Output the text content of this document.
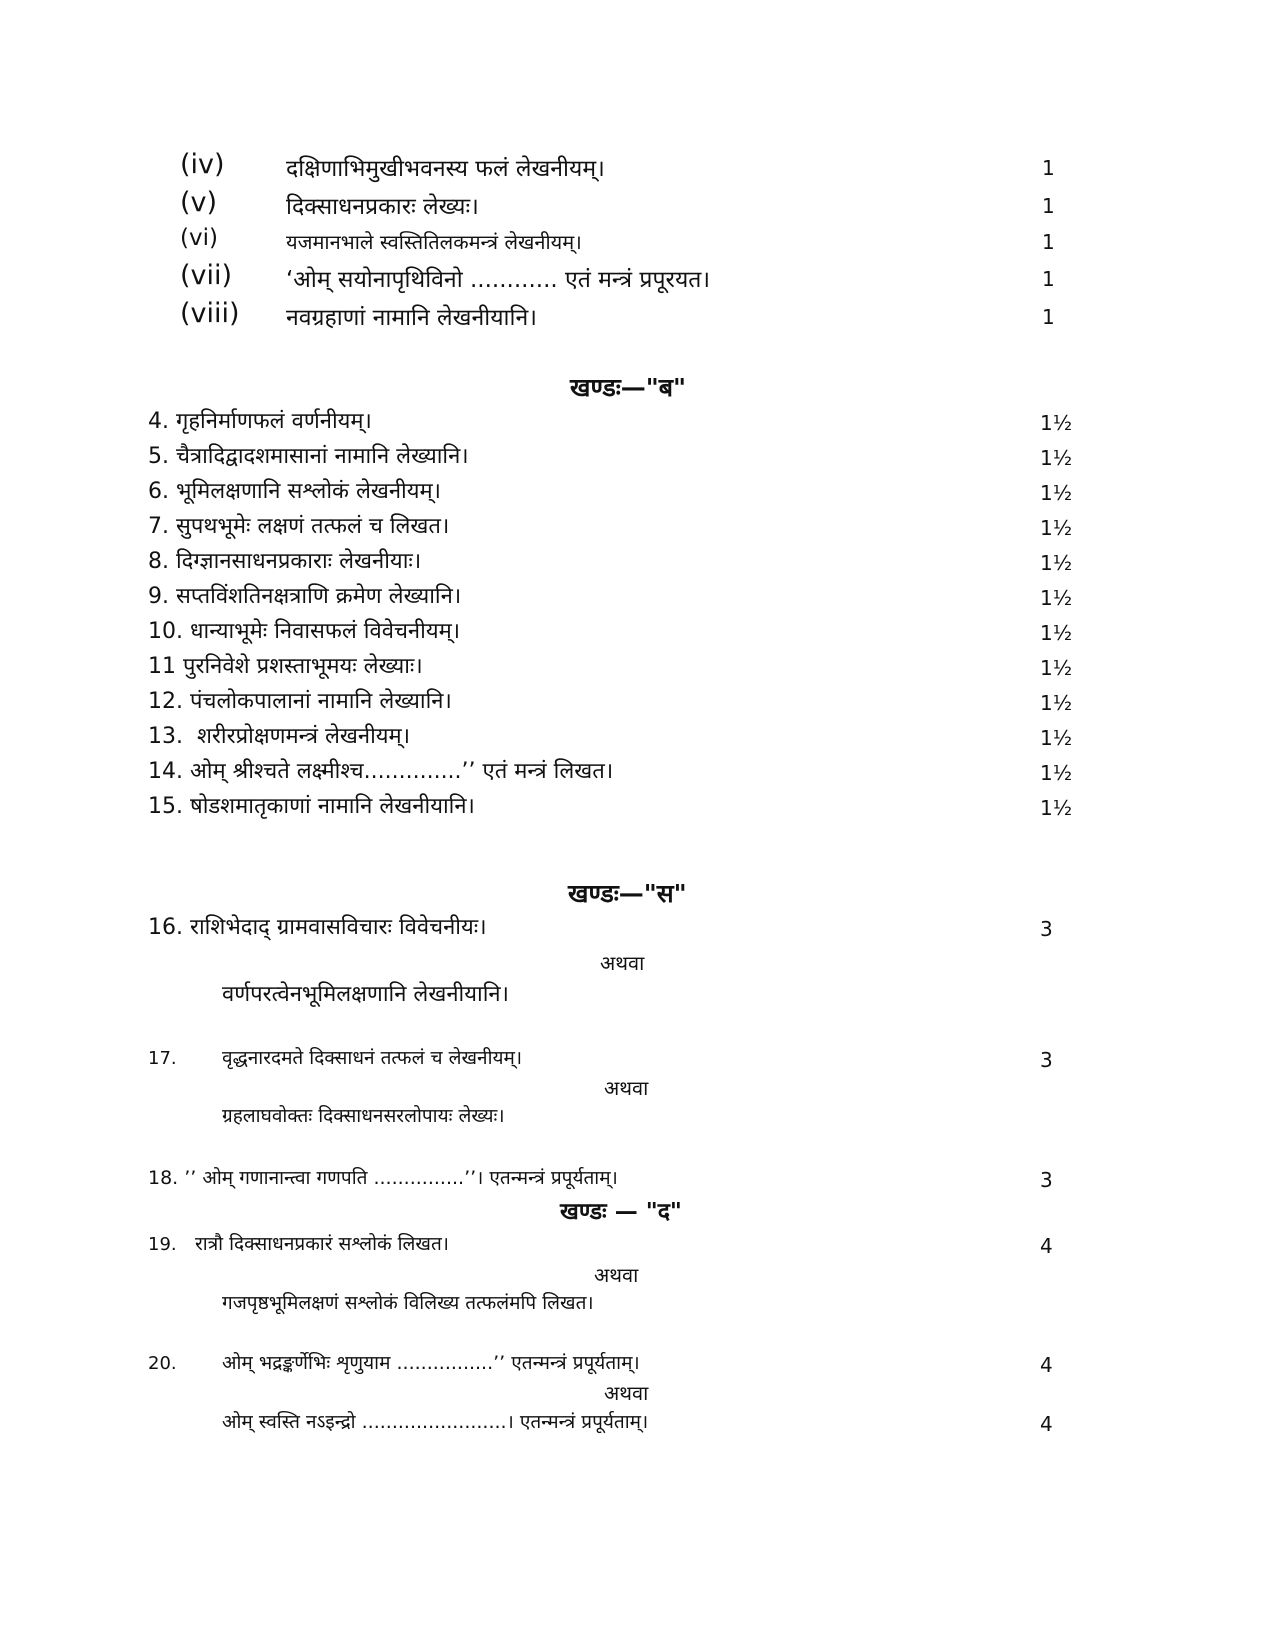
(iv)	दक्षिणाभिमुखीभवनस्य फलं लेखनीयम्।	1
(v)	दिक्साधनप्रकारः लेख्यः।	1
(vi)	यजमानभाले स्वस्तितिलकमन्त्रं लेखनीयम्।	1
(vii) ‘ओम् सयोनापृथिविनो ............ एतं मन्त्रं प्रपूरयत।	1
(viii) नवग्रहाणां नामानि लेखनीयानि।	1
खण्डः—"ब"
4. गृहनिर्माणफलं वर्णनीयम्।	1½
5. चैत्रादिद्वादशमासानां नामानि लेख्यानि।	1½
6. भूमिलक्षणानि सश्लोकं लेखनीयम्।	1½
7. सुपथभूमेः लक्षणं तत्फलं च लिखत।	1½
8. दिग्ज्ञानसाधनप्रकाराः लेखनीयाः।	1½
9. सप्तविंशतिनक्षत्राणि क्रमेण लेख्यानि।	1½
10. धान्याभूमेः निवासफलं विवेचनीयम्।	1½
11 पुरनिवेशे प्रशस्ताभूमयः लेख्याः।	1½
12. पंचलोकपालानां नामानि लेख्यानि।	1½
13.  शरीरप्रोक्षणमन्त्रं लेखनीयम्।	1½
14. ओम् श्रीश्चते लक्ष्मीश्च..............’’ एतं मन्त्रं लिखत।	1½
15. षोडशमातृकाणां नामानि लेखनीयानि।	1½
खण्डः—"स"
16. राशिभेदाद् ग्रामवासविचारः विवेचनीयः।	3
अथवा
वर्णपरत्वेनभूमिलक्षणानि लेखनीयानि।
17. वृद्धनारदमते दिक्साधनं तत्फलं च लेखनीयम्।	3
अथवा
ग्रहलाघवोक्तः दिक्साधनसरलोपायः लेख्यः।
18. ’’ ओम् गणानान्त्वा गणपति ...............’’। एतन्मन्त्रं प्रपूर्यताम्।	3
खण्डः — "द"
19. रात्रौ दिक्साधनप्रकारं सश्लोकं लिखत।	4
अथवा
गजपृष्ठभूमिलक्षणं सश्लोकं विलिख्य तत्फलंमपि लिखत।
20. ओम् भद्रङ्कर्णेभिः शृणुयाम ................’’ एतन्मन्त्रं प्रपूर्यताम्।	4
अथवा
ओम् स्वस्ति नऽइन्द्रो ........................। एतन्मन्त्रं प्रपूर्यताम्।	4
